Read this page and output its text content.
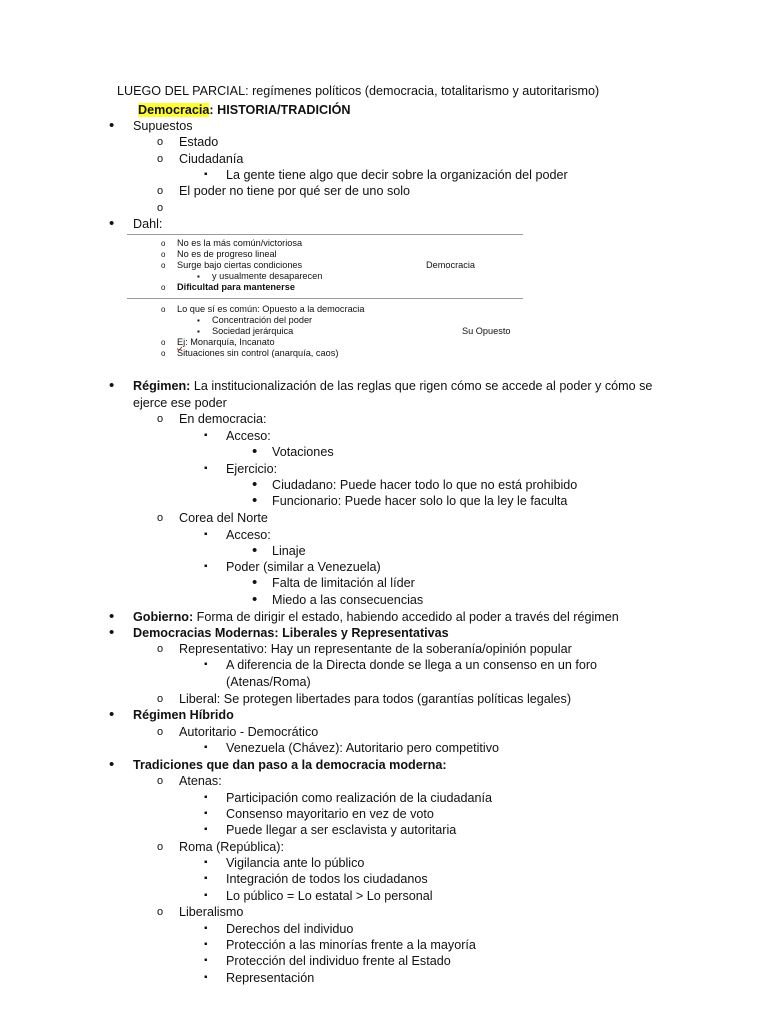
LUEGO DEL PARCIAL: regímenes políticos (democracia, totalitarismo y autoritarismo)
Democracia: HISTORIA/TRADICIÓN
• Supuestos
o Estado
o Ciudadanía
▪ La gente tiene algo que decir sobre la organización del poder
o El poder no tiene por qué ser de uno solo
o
• Dahl:
o No es la más común/victoriosa
o No es de progreso lineal
o Surge bajo ciertas condiciones	Democracia
▪ y usualmente desaparecen
o Dificultad para mantenerse
o Lo que sí es común: Opuesto a la democracia
▪ Concentración del poder
▪ Sociedad jerárquica	Su Opuesto
o Ej: Monarquía, Incanato
o Situaciones sin control (anarquía, caos)
• Régimen: La institucionalización de las reglas que rigen cómo se accede al poder y cómo se
ejerce ese poder
o En democracia:
▪ Acceso:
• Votaciones
▪ Ejercicio:
• Ciudadano: Puede hacer todo lo que no está prohibido
• Funcionario: Puede hacer solo lo que la ley le faculta
o Corea del Norte
▪ Acceso:
• Linaje
▪ Poder (similar a Venezuela)
• Falta de limitación al líder
• Miedo a las consecuencias
• Gobierno: Forma de dirigir el estado, habiendo accedido al poder a través del régimen
• Democracias Modernas: Liberales y Representativas
o Representativo: Hay un representante de la soberanía/opinión popular
▪ A diferencia de la Directa donde se llega a un consenso en un foro
(Atenas/Roma)
o Liberal: Se protegen libertades para todos (garantías políticas legales)
• Régimen Híbrido
o Autoritario - Democrático
▪ Venezuela (Chávez): Autoritario pero competitivo
• Tradiciones que dan paso a la democracia moderna:
o Atenas:
▪ Participación como realización de la ciudadanía
▪ Consenso mayoritario en vez de voto
▪ Puede llegar a ser esclavista y autoritaria
o Roma (República):
▪ Vigilancia ante lo público
▪ Integración de todos los ciudadanos
▪ Lo público = Lo estatal > Lo personal
o Liberalismo
▪ Derechos del individuo
▪ Protección a las minorías frente a la mayoría
▪ Protección del individuo frente al Estado
▪ Representación
